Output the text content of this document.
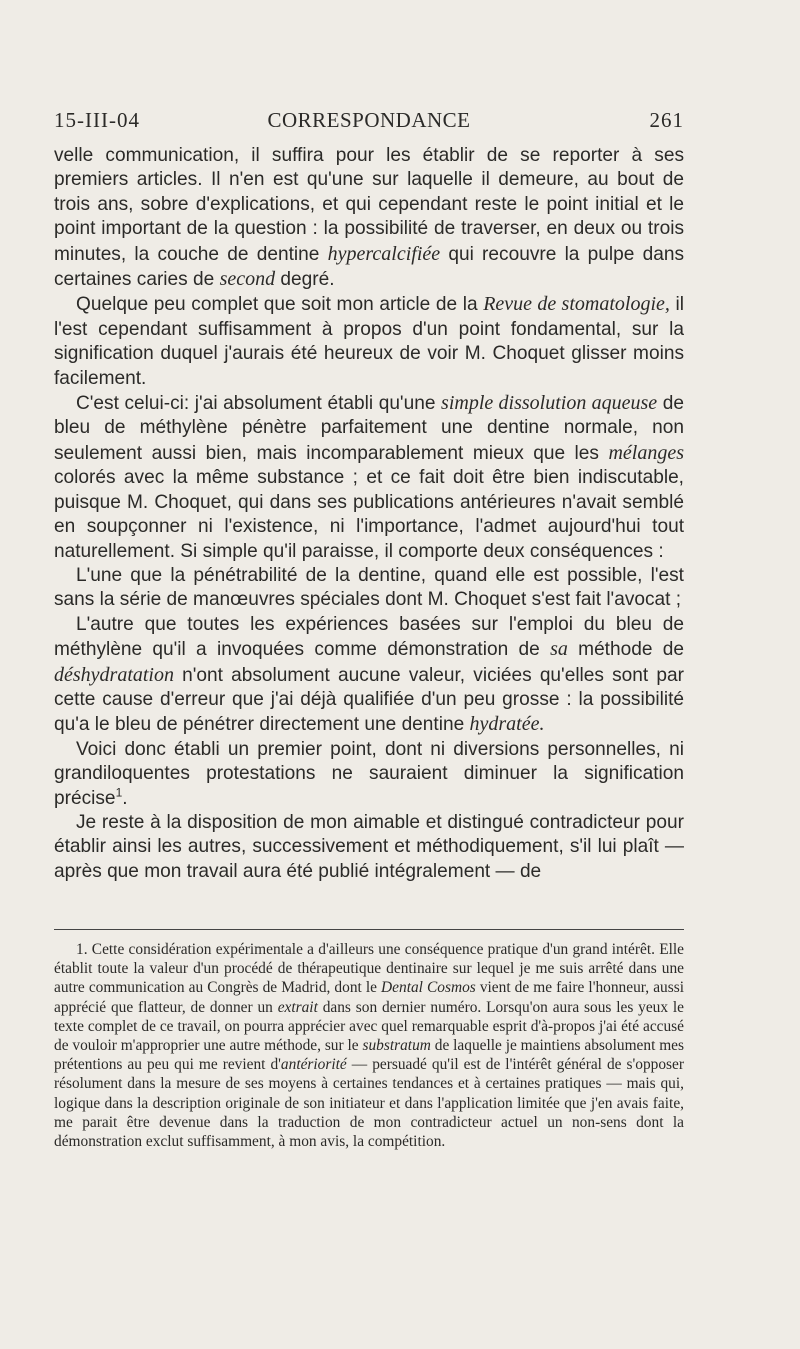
15-III-04	CORRESPONDANCE	261

velle communication, il suffira pour les établir de se reporter à ses premiers articles. Il n'en est qu'une sur laquelle il demeure, au bout de trois ans, sobre d'explications, et qui cependant reste le point initial et le point important de la question : la possibilité de traverser, en deux ou trois minutes, la couche de dentine hypercalcifiée qui recouvre la pulpe dans certaines caries de second degré.

Quelque peu complet que soit mon article de la Revue de stomatologie, il l'est cependant suffisamment à propos d'un point fondamental, sur la signification duquel j'aurais été heureux de voir M. Choquet glisser moins facilement.

C'est celui-ci: j'ai absolument établi qu'une simple dissolution aqueuse de bleu de méthylène pénètre parfaitement une dentine normale, non seulement aussi bien, mais incomparablement mieux que les mélanges colorés avec la même substance ; et ce fait doit être bien indiscutable, puisque M. Choquet, qui dans ses publications antérieures n'avait semblé en soupçonner ni l'existence, ni l'importance, l'admet aujourd'hui tout naturellement. Si simple qu'il paraisse, il comporte deux conséquences :

L'une que la pénétrabilité de la dentine, quand elle est possible, l'est sans la série de manœuvres spéciales dont M. Choquet s'est fait l'avocat ;

L'autre que toutes les expériences basées sur l'emploi du bleu de méthylène qu'il a invoquées comme démonstration de sa méthode de déshydratation n'ont absolument aucune valeur, viciées qu'elles sont par cette cause d'erreur que j'ai déjà qualifiée d'un peu grosse : la possibilité qu'a le bleu de pénétrer directement une dentine hydratée.

Voici donc établi un premier point, dont ni diversions personnelles, ni grandiloquentes protestations ne sauraient diminuer la signification précise$^1$.

Je reste à la disposition de mon aimable et distingué contradicteur pour établir ainsi les autres, successivement et méthodiquement, s'il lui plaît — après que mon travail aura été publié intégralement — de

1. Cette considération expérimentale a d'ailleurs une conséquence pratique d'un grand intérêt. Elle établit toute la valeur d'un procédé de thérapeutique dentinaire sur lequel je me suis arrêté dans une autre communication au Congrès de Madrid, dont le Dental Cosmos vient de me faire l'honneur, aussi apprécié que flatteur, de donner un extrait dans son dernier numéro. Lorsqu'on aura sous les yeux le texte complet de ce travail, on pourra apprécier avec quel remarquable esprit d'à-propos j'ai été accusé de vouloir m'approprier une autre méthode, sur le substratum de laquelle je maintiens absolument mes prétentions au peu qui me revient d'antériorité — persuadé qu'il est de l'intérêt général de s'opposer résolument dans la mesure de ses moyens à certaines tendances et à certaines pratiques — mais qui, logique dans la description originale de son initiateur et dans l'application limitée que j'en avais faite, me parait être devenue dans la traduction de mon contradicteur actuel un non-sens dont la démonstration exclut suffisamment, à mon avis, la compétition.
